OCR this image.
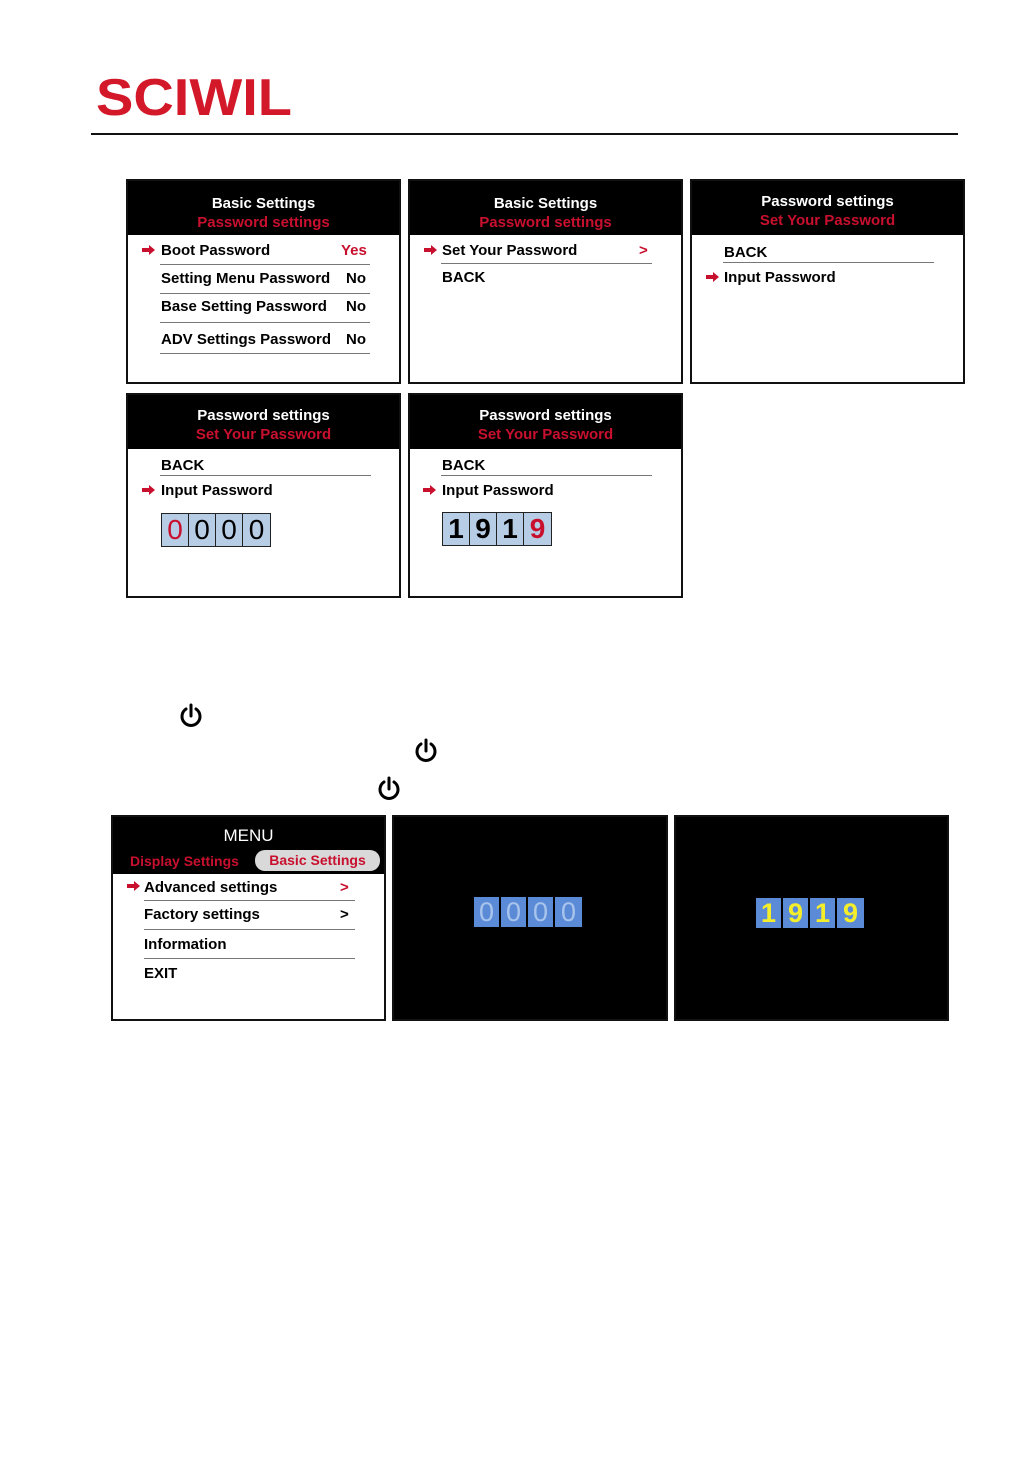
SCIWIL
Basic Settings
Password settings
Boot Password	Yes
Setting Menu Password No
Base Setting Password No
ADV Settings Password No
Basic Settings
Password settings
Set Your Password	>
BACK
Password settings
Set Your Password
BACK
Input Password
Password settings
Set Your Password
BACK
Input Password
0 0 0 0
Password settings
Set Your Password
BACK
Input Password
1 9 1 9
MENU
Display Settings	Basic Settings
Advanced settings	>
Factory settings	>
Information
EXIT
0 0 0 0	1 9 1 9
